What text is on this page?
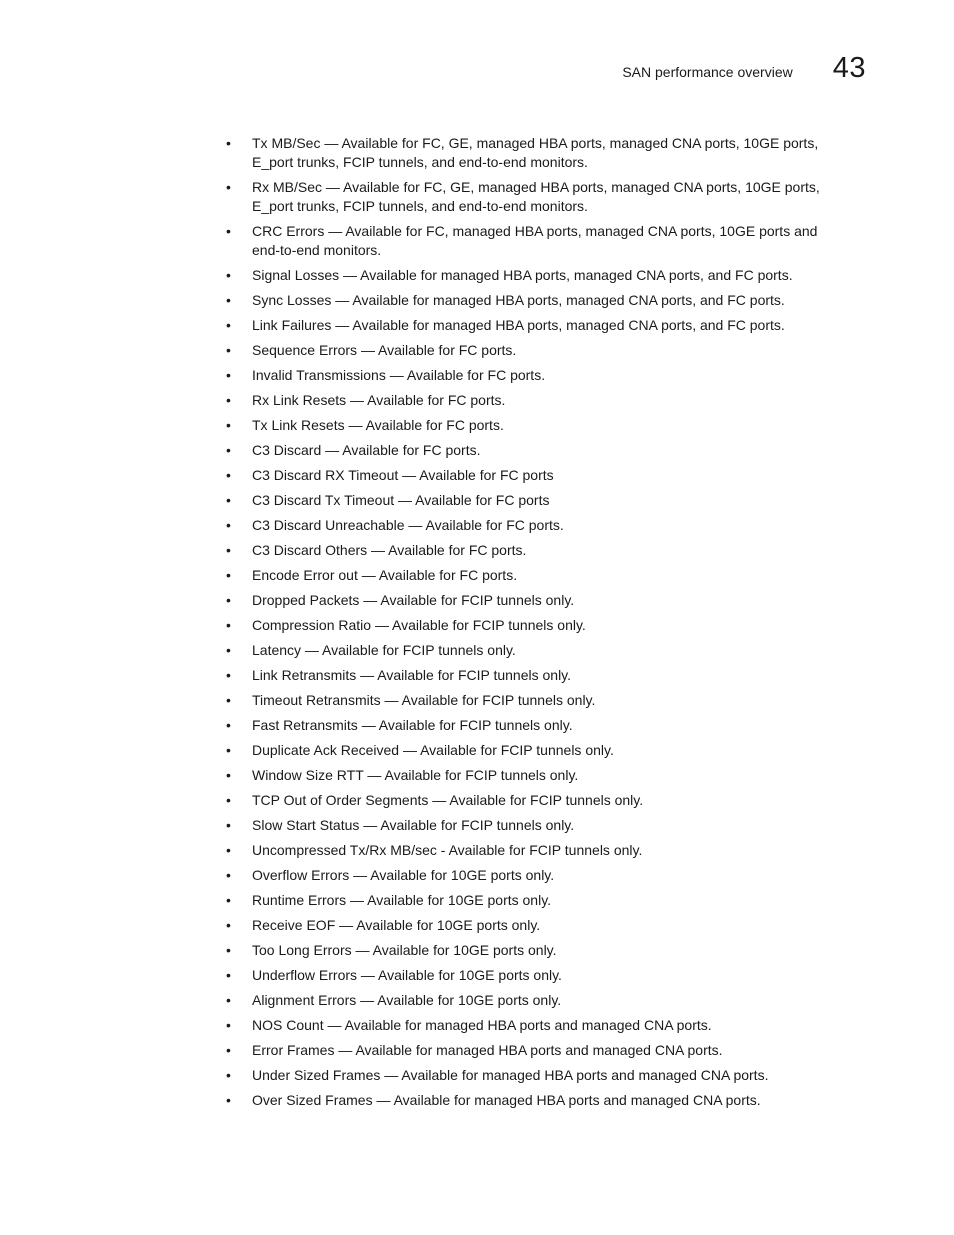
SAN performance overview 43
•	Tx MB/Sec — Available for FC, GE, managed HBA ports, managed CNA ports, 10GE ports, E_port trunks, FCIP tunnels, and end-to-end monitors.
•	Rx MB/Sec — Available for FC, GE, managed HBA ports, managed CNA ports, 10GE ports, E_port trunks, FCIP tunnels, and end-to-end monitors.
•	CRC Errors — Available for FC, managed HBA ports, managed CNA ports, 10GE ports and end-to-end monitors.
•	Signal Losses — Available for managed HBA ports, managed CNA ports, and FC ports.
•	Sync Losses — Available for managed HBA ports, managed CNA ports, and FC ports.
•	Link Failures — Available for managed HBA ports, managed CNA ports, and FC ports.
•	Sequence Errors — Available for FC ports.
•	Invalid Transmissions — Available for FC ports.
•	Rx Link Resets — Available for FC ports.
•	Tx Link Resets — Available for FC ports.
•	C3 Discard — Available for FC ports.
•	C3 Discard RX Timeout — Available for FC ports
•	C3 Discard Tx Timeout — Available for FC ports
•	C3 Discard Unreachable — Available for FC ports.
•	C3 Discard Others — Available for FC ports.
•	Encode Error out — Available for FC ports.
•	Dropped Packets — Available for FCIP tunnels only.
•	Compression Ratio — Available for FCIP tunnels only.
•	Latency — Available for FCIP tunnels only.
•	Link Retransmits — Available for FCIP tunnels only.
•	Timeout Retransmits — Available for FCIP tunnels only.
•	Fast Retransmits — Available for FCIP tunnels only.
•	Duplicate Ack Received — Available for FCIP tunnels only.
•	Window Size RTT — Available for FCIP tunnels only.
•	TCP Out of Order Segments — Available for FCIP tunnels only.
•	Slow Start Status — Available for FCIP tunnels only.
•	Uncompressed Tx/Rx MB/sec - Available for FCIP tunnels only.
•	Overflow Errors — Available for 10GE ports only.
•	Runtime Errors — Available for 10GE ports only.
•	Receive EOF — Available for 10GE ports only.
•	Too Long Errors — Available for 10GE ports only.
•	Underflow Errors — Available for 10GE ports only.
•	Alignment Errors — Available for 10GE ports only.
•	NOS Count — Available for managed HBA ports and managed CNA ports.
•	Error Frames — Available for managed HBA ports and managed CNA ports.
•	Under Sized Frames — Available for managed HBA ports and managed CNA ports.
•	Over Sized Frames — Available for managed HBA ports and managed CNA ports.
